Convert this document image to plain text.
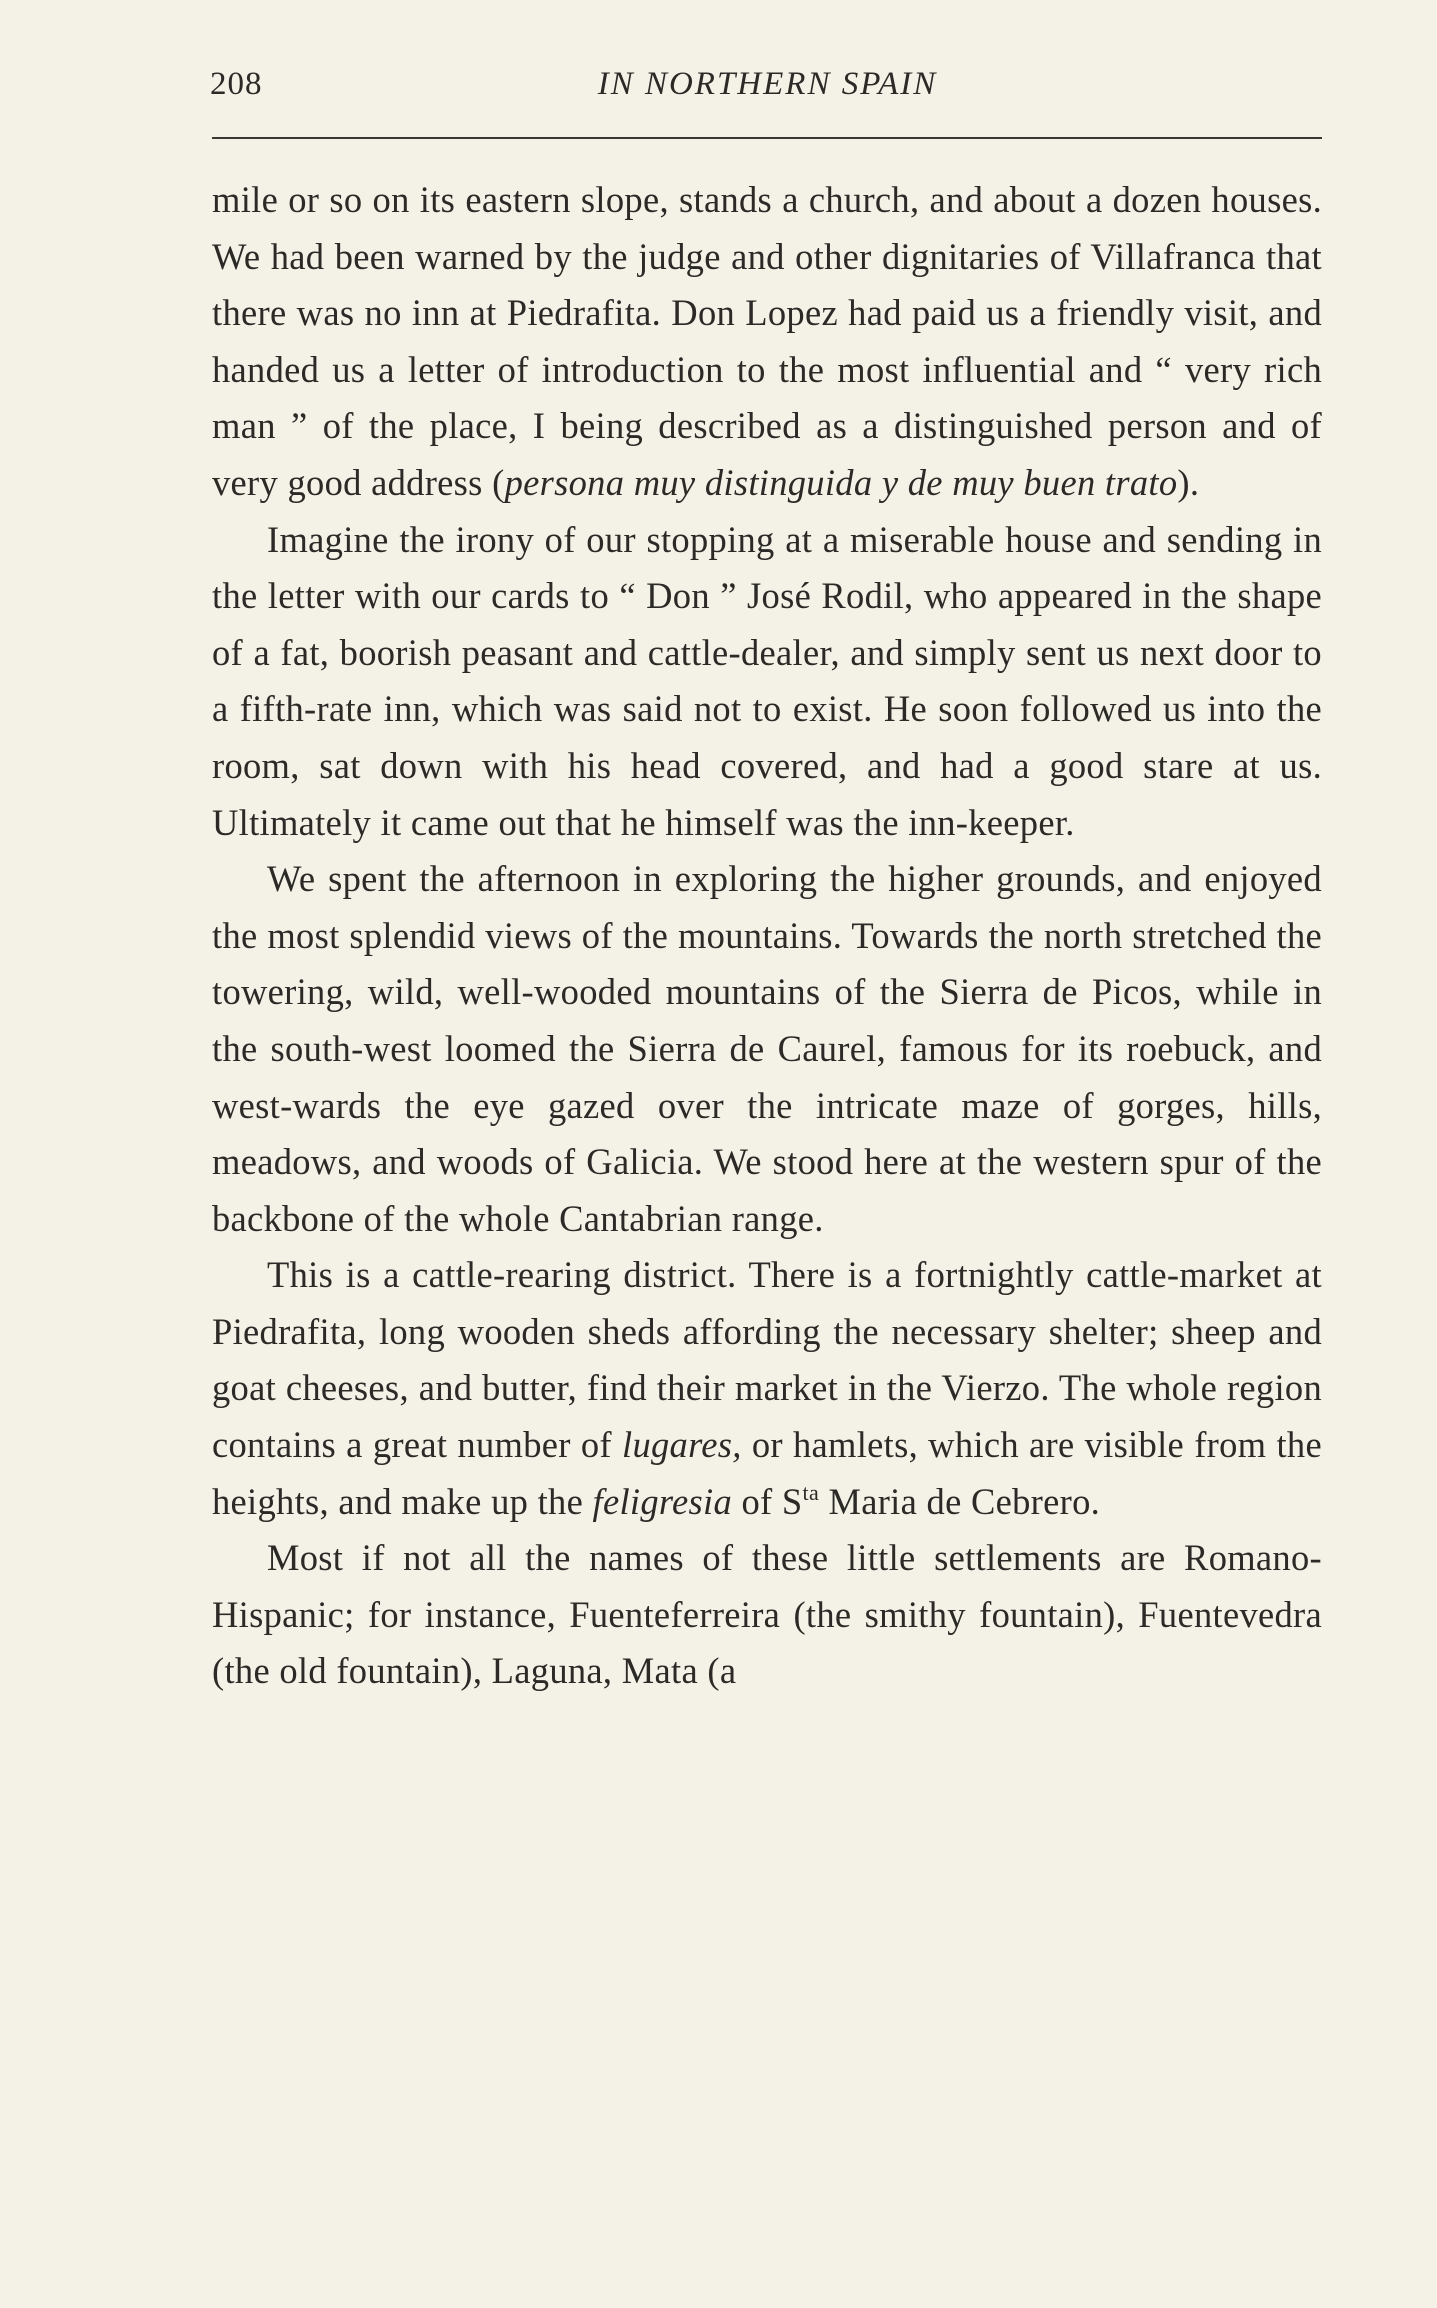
208	IN NORTHERN SPAIN

mile or so on its eastern slope, stands a church, and about a dozen houses. We had been warned by the judge and other dignitaries of Villafranca that there was no inn at Piedrafita. Don Lopez had paid us a friendly visit, and handed us a letter of introduction to the most influential and “ very rich man ” of the place, I being described as a distinguished person and of very good address (persona muy distinguida y de muy buen trato).

Imagine the irony of our stopping at a miserable house and sending in the letter with our cards to “ Don ” José Rodil, who appeared in the shape of a fat, boorish peasant and cattle-dealer, and simply sent us next door to a fifth-rate inn, which was said not to exist. He soon followed us into the room, sat down with his head covered, and had a good stare at us. Ultimately it came out that he himself was the inn-keeper.

We spent the afternoon in exploring the higher grounds, and enjoyed the most splendid views of the mountains. Towards the north stretched the towering, wild, well-wooded mountains of the Sierra de Picos, while in the south-west loomed the Sierra de Caurel, famous for its roebuck, and west-wards the eye gazed over the intricate maze of gorges, hills, meadows, and woods of Galicia. We stood here at the western spur of the backbone of the whole Cantabrian range.

This is a cattle-rearing district. There is a fortnightly cattle-market at Piedrafita, long wooden sheds affording the necessary shelter; sheep and goat cheeses, and butter, find their market in the Vierzo. The whole region contains a great number of lugares, or hamlets, which are visible from the heights, and make up the feligresia of $S^{ta}$ Maria de Cebrero.

Most if not all the names of these little settlements are Romano-Hispanic; for instance, Fuenteferreira (the smithy fountain), Fuentevedra (the old fountain), Laguna, Mata (a
